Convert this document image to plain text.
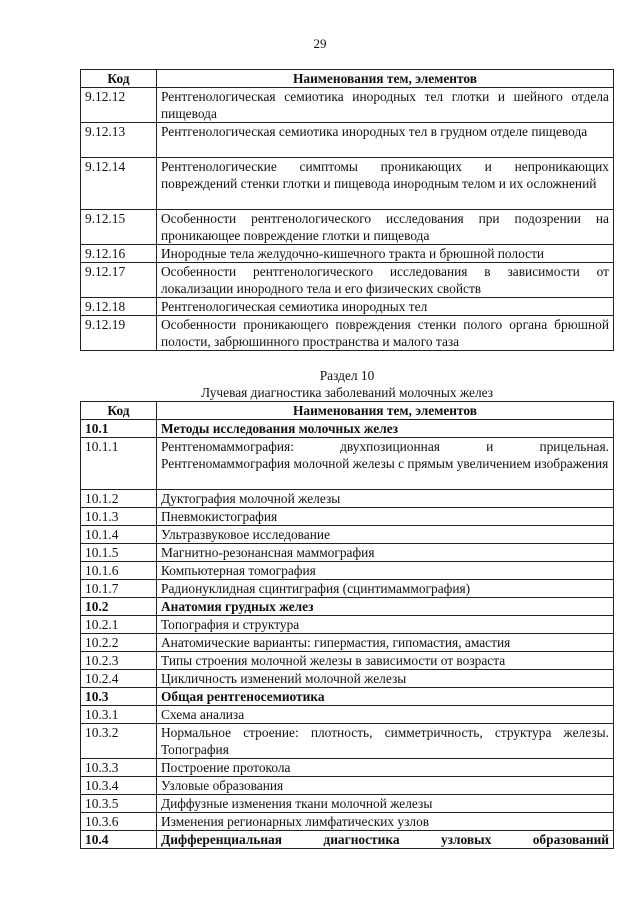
29
Код	Наименования тем, элементов
9.12.12	Рентгенологическая семиотика инородных тел глотки и шейного отдела пищевода
9.12.13	Рентгенологическая семиотика инородных тел в грудном отделе пищевода
9.12.14	Рентгенологические симптомы проникающих и непроникающих повреждений стенки глотки и пищевода инородным телом и их осложнений
9.12.15	Особенности рентгенологического исследования при подозрении на проникающее повреждение глотки и пищевода
9.12.16	Инородные тела желудочно-кишечного тракта и брюшной полости
9.12.17	Особенности рентгенологического исследования в зависимости от локализации инородного тела и его физических свойств
9.12.18	Рентгенологическая семиотика инородных тел
9.12.19	Особенности проникающего повреждения стенки полого органа брюшной полости, забрюшинного пространства и малого таза
Раздел 10
Лучевая диагностика заболеваний молочных желез
Код	Наименования тем, элементов
10.1	Методы исследования молочных желез
10.1.1	Рентгеномаммография: двухпозиционная и прицельная. Рентгеномаммография молочной железы с прямым увеличением изображения
10.1.2	Дуктография молочной железы
10.1.3	Пневмокистография
10.1.4	Ультразвуковое исследование
10.1.5	Магнитно-резонансная маммография
10.1.6	Компьютерная томография
10.1.7	Радионуклидная сцинтиграфия (сцинтимаммография)
10.2	Анатомия грудных желез
10.2.1	Топография и структура
10.2.2	Анатомические варианты: гипермастия, гипомастия, амастия
10.2.3	Типы строения молочной железы в зависимости от возраста
10.2.4	Цикличность изменений молочной железы
10.3	Общая рентгеносемиотика
10.3.1	Схема анализа
10.3.2	Нормальное строение: плотность, симметричность, структура железы. Топография
10.3.3	Построение протокола
10.3.4	Узловые образования
10.3.5	Диффузные изменения ткани молочной железы
10.3.6	Изменения регионарных лимфатических узлов
10.4	Дифференциальная диагностика узловых образований
